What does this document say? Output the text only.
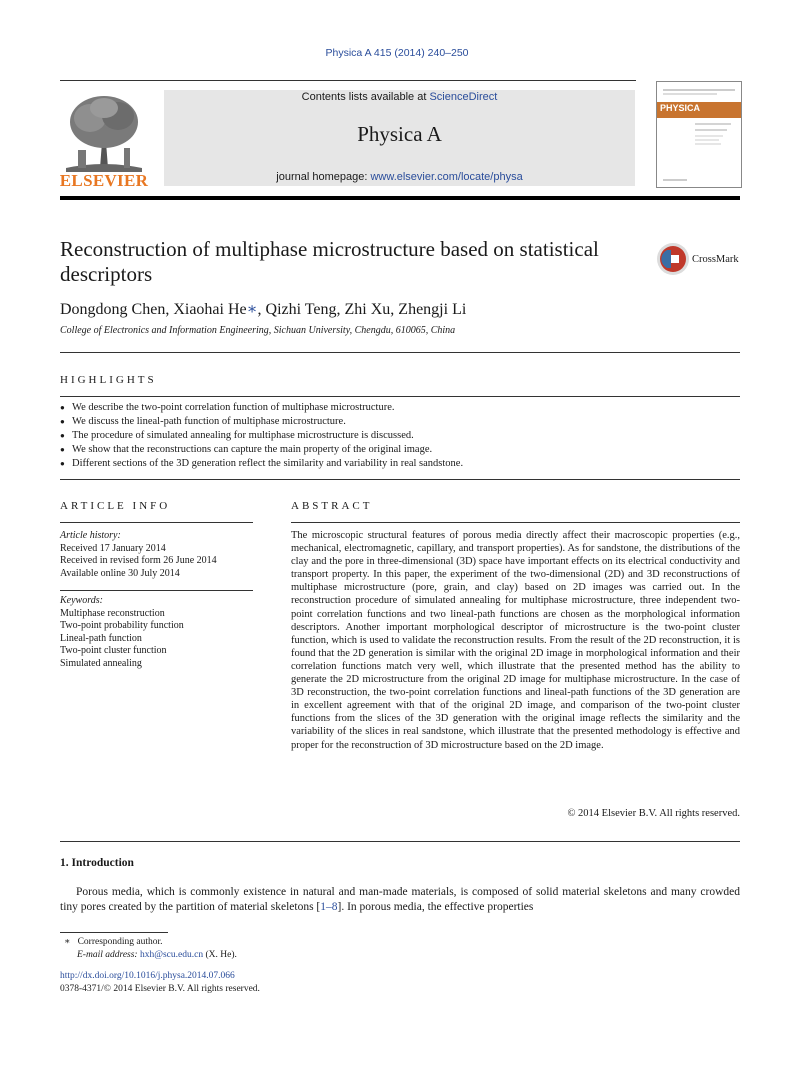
Physica A 415 (2014) 240–250
ELSEVIER
Contents lists available at ScienceDirect
Physica A
journal homepage: www.elsevier.com/locate/physa
PHYSICA
Reconstruction of multiphase microstructure based on statistical descriptors
CrossMark
Dongdong Chen, Xiaohai He∗, Qizhi Teng, Zhi Xu, Zhengji Li
College of Electronics and Information Engineering, Sichuan University, Chengdu, 610065, China
HIGHLIGHTS
● We describe the two-point correlation function of multiphase microstructure.
● We discuss the lineal-path function of multiphase microstructure.
● The procedure of simulated annealing for multiphase microstructure is discussed.
● We show that the reconstructions can capture the main property of the original image.
● Different sections of the 3D generation reflect the similarity and variability in real sandstone.
ARTICLE INFO
Article history:
Received 17 January 2014
Received in revised form 26 June 2014
Available online 30 July 2014
Keywords:
Multiphase reconstruction
Two-point probability function
Lineal-path function
Two-point cluster function
Simulated annealing
ABSTRACT
The microscopic structural features of porous media directly affect their macroscopic properties (e.g., mechanical, electromagnetic, capillary, and transport properties). As for sandstone, the distributions of the clay and the pore in three-dimensional (3D) space have important effects on its electrical conductivity and transport property. In this paper, the experiment of the two-dimensional (2D) and 3D reconstructions of multiphase microstructure (pore, grain, and clay) based on 2D images was carried out. In the reconstruction procedure of simulated annealing for multiphase microstructure, three independent two-point correlation functions and two lineal-path functions are chosen as the morphological information descriptors. Another important morphological descriptor of microstructure is the two-point cluster function, which is used to validate the reconstruction results. From the result of the 2D reconstruction, it is found that the 2D generation is similar with the original 2D image in morphological information and their correlation functions match very well, which illustrate that the presented method has the ability to generate the 2D microstructure from the original 2D image for multiphase microstructure. In the case of 3D reconstruction, the two-point correlation functions and lineal-path functions of the 3D generation are in excellent agreement with that of the original 2D image, and comparison of the two-point cluster functions from the slices of the 3D generation with the original image reflects the similarity and the variability of the slices in real sandstone, which illustrate that the presented methodology is effective and proper for the reconstruction of 3D microstructure based on the 2D image.
© 2014 Elsevier B.V. All rights reserved.
1. Introduction
Porous media, which is commonly existence in natural and man-made materials, is composed of solid material skeletons and many crowded tiny pores created by the partition of material skeletons [1–8]. In porous media, the effective properties
∗ Corresponding author.
E-mail address: hxh@scu.edu.cn (X. He).
http://dx.doi.org/10.1016/j.physa.2014.07.066
0378-4371/© 2014 Elsevier B.V. All rights reserved.
